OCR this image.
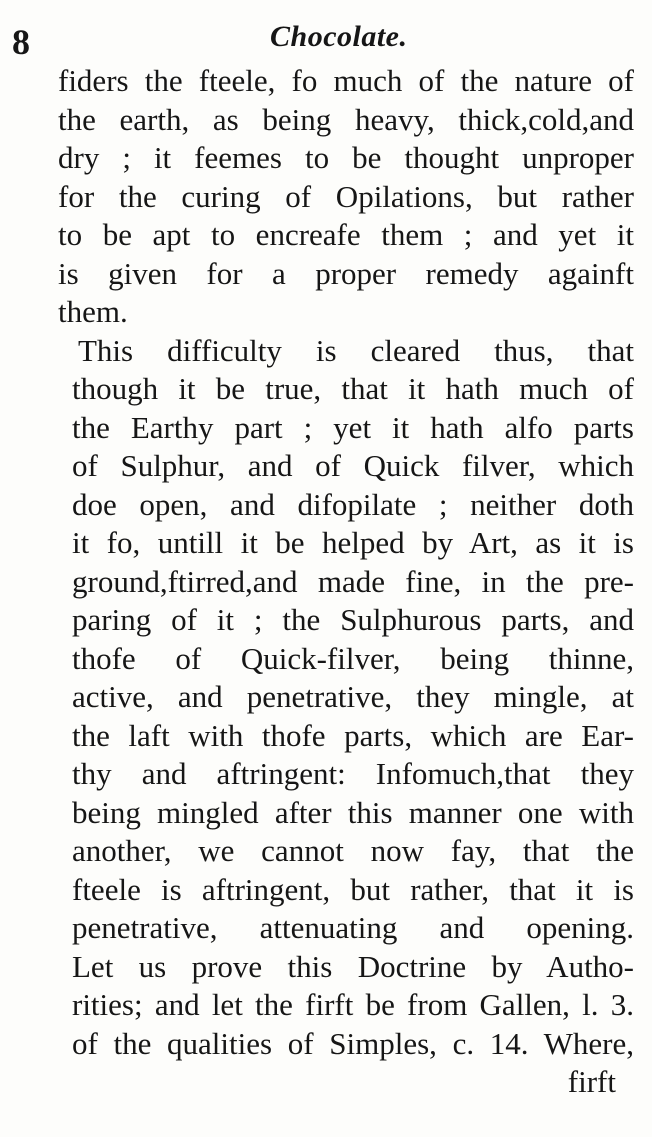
8	Chocolate.
fiders the fteele, fo much of the nature of
the earth, as being heavy, thick,cold,and
dry ; it feemes to be thought unproper
for the curing of Opilations, but rather
to be apt to encreafe them ; and yet it
is given for a proper remedy againft
them.
This difficulty is cleared thus, that
though it be true, that it hath much of
the Earthy part ; yet it hath alfo parts
of Sulphur, and of Quick filver, which
doe open, and difopilate ; neither doth
it fo, untill it be helped by Art, as it is
ground,ftirred,and made fine, in the pre-
paring of it ; the Sulphurous parts, and
thofe of Quick-filver, being thinne,
active, and penetrative, they mingle, at
the laft with thofe parts, which are Ear-
thy and aftringent: Infomuch,that they
being mingled after this manner one with
another, we cannot now fay, that the
fteele is aftringent, but rather, that it is
penetrative, attenuating and opening.
Let us prove this Doctrine by Autho-
rities; and let the firft be from Gallen, l. 3.
of the qualities of Simples, c. 14. Where,
firft
